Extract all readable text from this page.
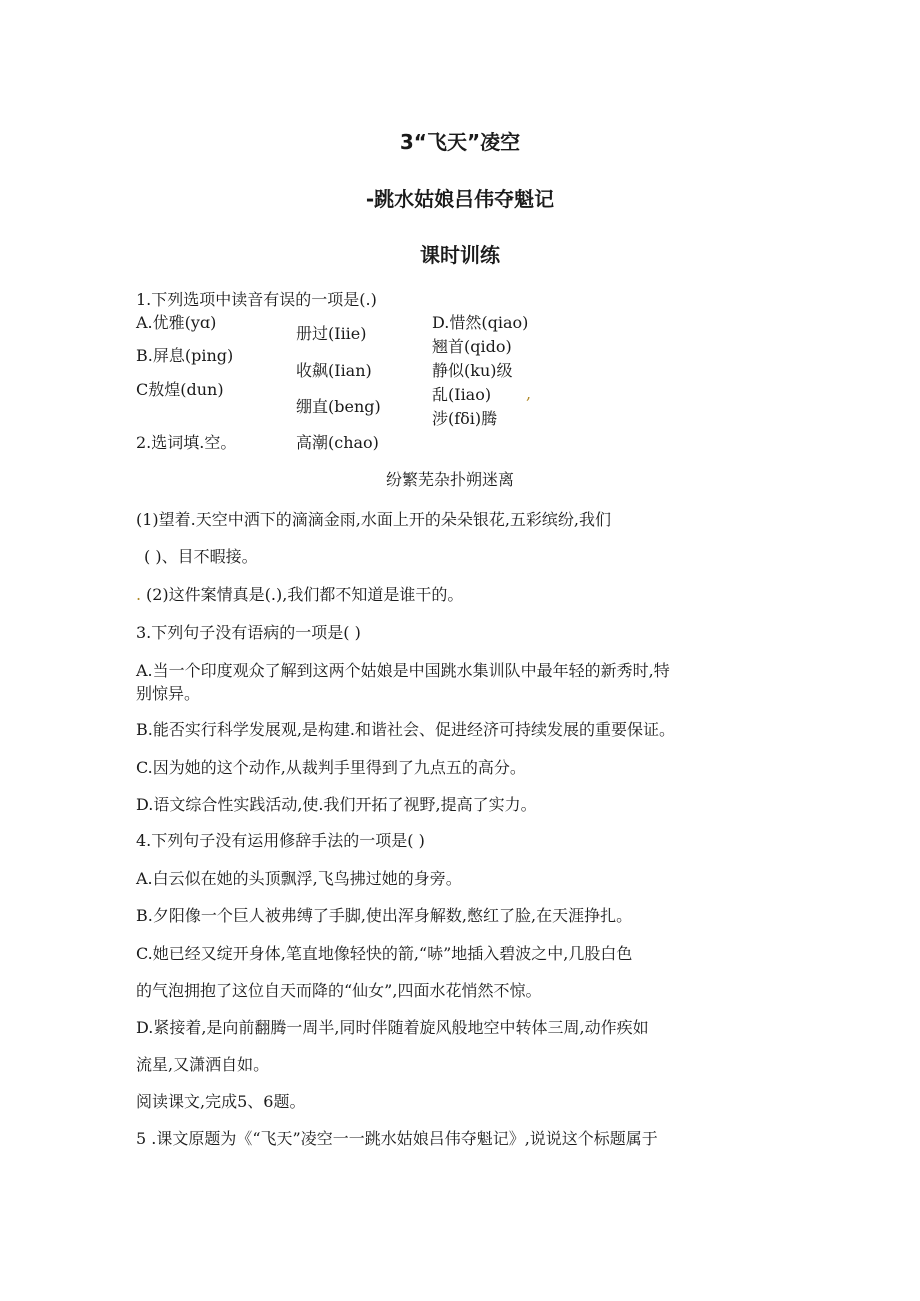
3“飞天”凌空
-跳水姑娘吕伟夺魁记
课时训练
1.下列选项中读音有误的一项是(.)
A.优雅(yɑ)
B.屏息(ping)
C敖煌(dun)
册过(Iiie)
收飙(Iian)
绷直(beng)
高潮(chao)
D.惜然(qiao)
翘首(qido)
静似(ku)级
乱(Iiao) ,
涉(fδi)腾
2.选词填.空。
纷繁芜杂扑朔迷离
(1)望着.天空中洒下的滴滴金雨,水面上开的朵朵银花,五彩缤纷,我们
( )、目不暇接。
. (2)这件案情真是(.),我们都不知道是谁干的。
3.下列句子没有语病的一项是( )
A.当一个印度观众了解到这两个姑娘是中国跳水集训队中最年轻的新秀时,特
别惊异。
B.能否实行科学发展观,是构建.和谐社会、促进经济可持续发展的重要保证。
C.因为她的这个动作,从裁判手里得到了九点五的高分。
D.语文综合性实践活动,使.我们开拓了视野,提高了实力。
4.下列句子没有运用修辞手法的一项是( )
A.白云似在她的头顶飘浮,飞鸟拂过她的身旁。
B.夕阳像一个巨人被弗缚了手脚,使出浑身解数,憋红了脸,在天涯挣扎。
C.她已经又绽开身体,笔直地像轻快的箭,“哧”地插入碧波之中,几股白色
的气泡拥抱了这位自天而降的“仙女”,四面水花悄然不惊。
D.紧接着,是向前翻腾一周半,同时伴随着旋风般地空中转体三周,动作疾如
流星,又潇洒自如。
阅读课文,完成5、6题。
5 .课文原题为《“飞天”凌空一一跳水姑娘吕伟夺魁记》,说说这个标题属于
